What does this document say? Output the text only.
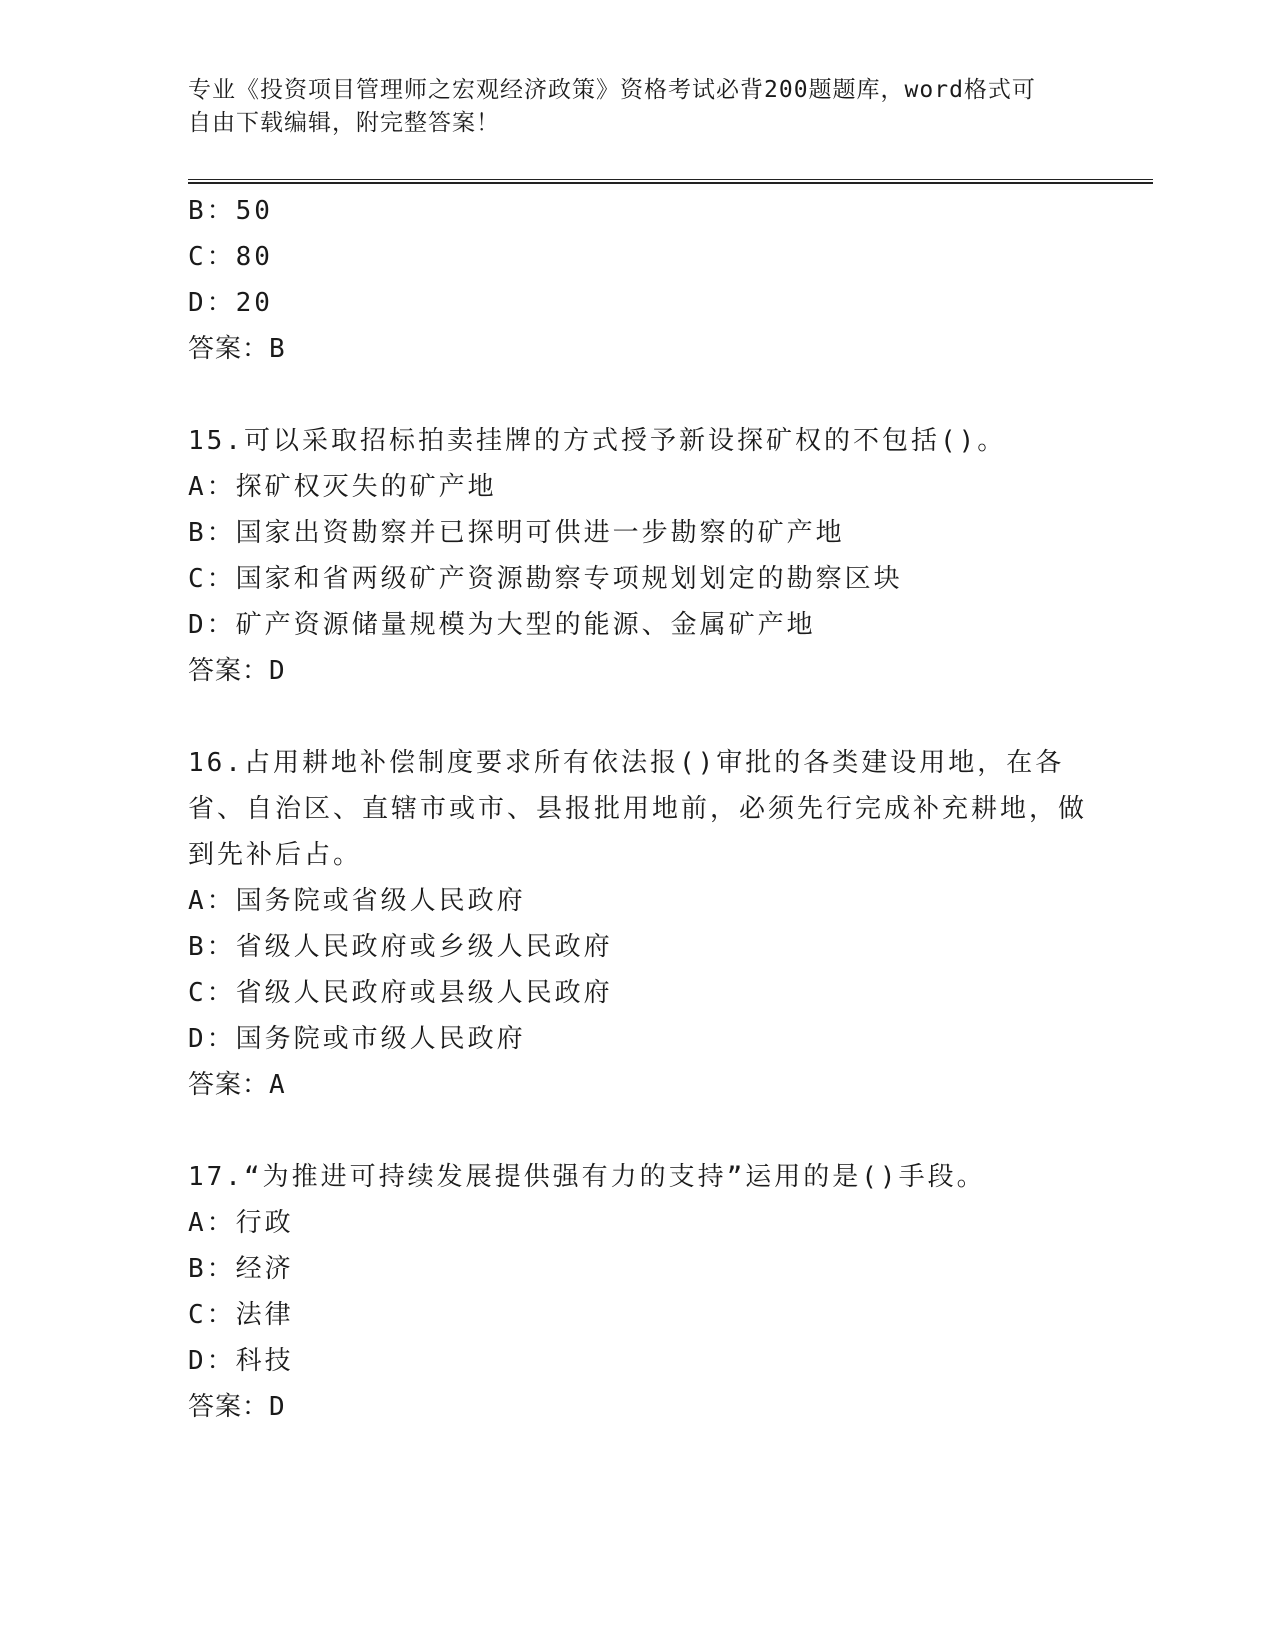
专业《投资项目管理师之宏观经济政策》资格考试必背200题题库，word格式可
自由下载编辑，附完整答案！
B：50
C：80
D：20
答案：B
15.可以采取招标拍卖挂牌的方式授予新设探矿权的不包括()。
A：探矿权灭失的矿产地
B：国家出资勘察并已探明可供进一步勘察的矿产地
C：国家和省两级矿产资源勘察专项规划划定的勘察区块
D：矿产资源储量规模为大型的能源、金属矿产地
答案：D
16.占用耕地补偿制度要求所有依法报()审批的各类建设用地，在各省、自治区、直辖市或市、县报批用地前，必须先行完成补充耕地，做到先补后占。
A：国务院或省级人民政府
B：省级人民政府或乡级人民政府
C：省级人民政府或县级人民政府
D：国务院或市级人民政府
答案：A
17.“为推进可持续发展提供强有力的支持”运用的是()手段。
A：行政
B：经济
C：法律
D：科技
答案：D
